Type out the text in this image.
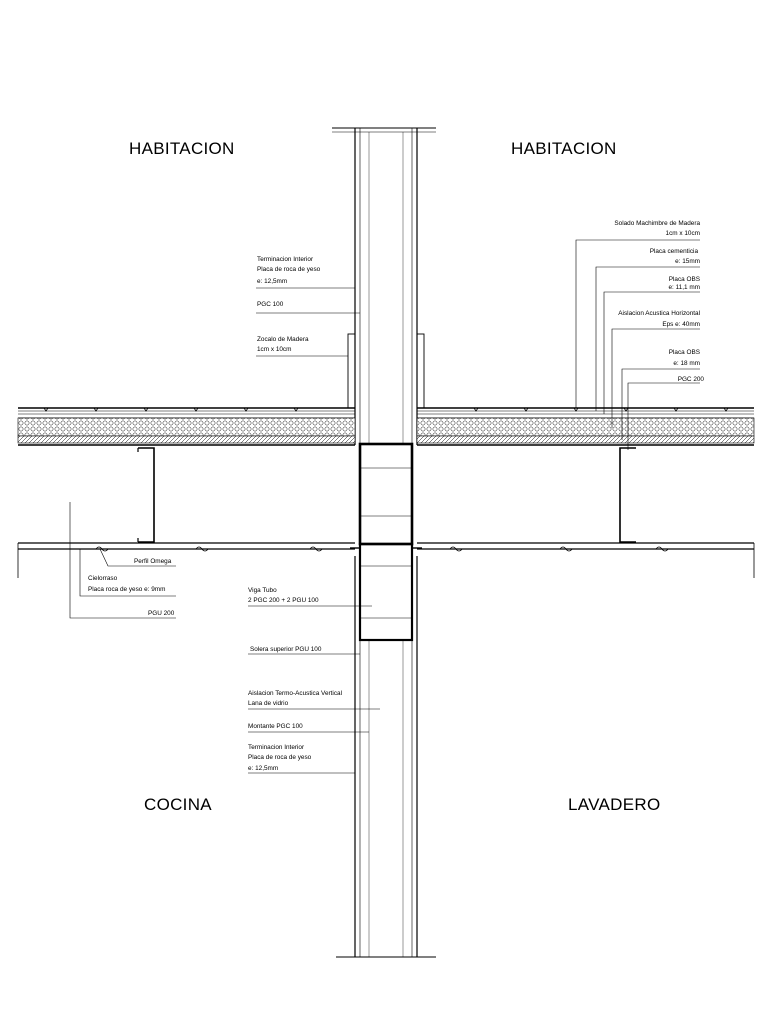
HABITACION	HABITACION
COCINA	LAVADERO
Terminacion Interior
Placa de roca de yeso
e: 12,5mm
PGC 100
Zocalo de Madera
1cm x 10cm
Solado Machimbre de Madera
1cm x 10cm
Placa cementicia
e: 15mm
Placa OBS
e: 11,1 mm
Aislacion Acustica Horizontal
Eps e: 40mm
Placa OBS
e: 18 mm
PGC 200
Perfil Omega
Cielorraso
Placa roca de yeso e: 9mm
PGU 200
Viga Tubo
2 PGC 200 + 2 PGU 100
Solera superior PGU 100
Aislacion Termo-Acustica Vertical
Lana de vidrio
Montante PGC 100
Terminacion Interior
Placa de roca de yeso
e: 12,5mm
